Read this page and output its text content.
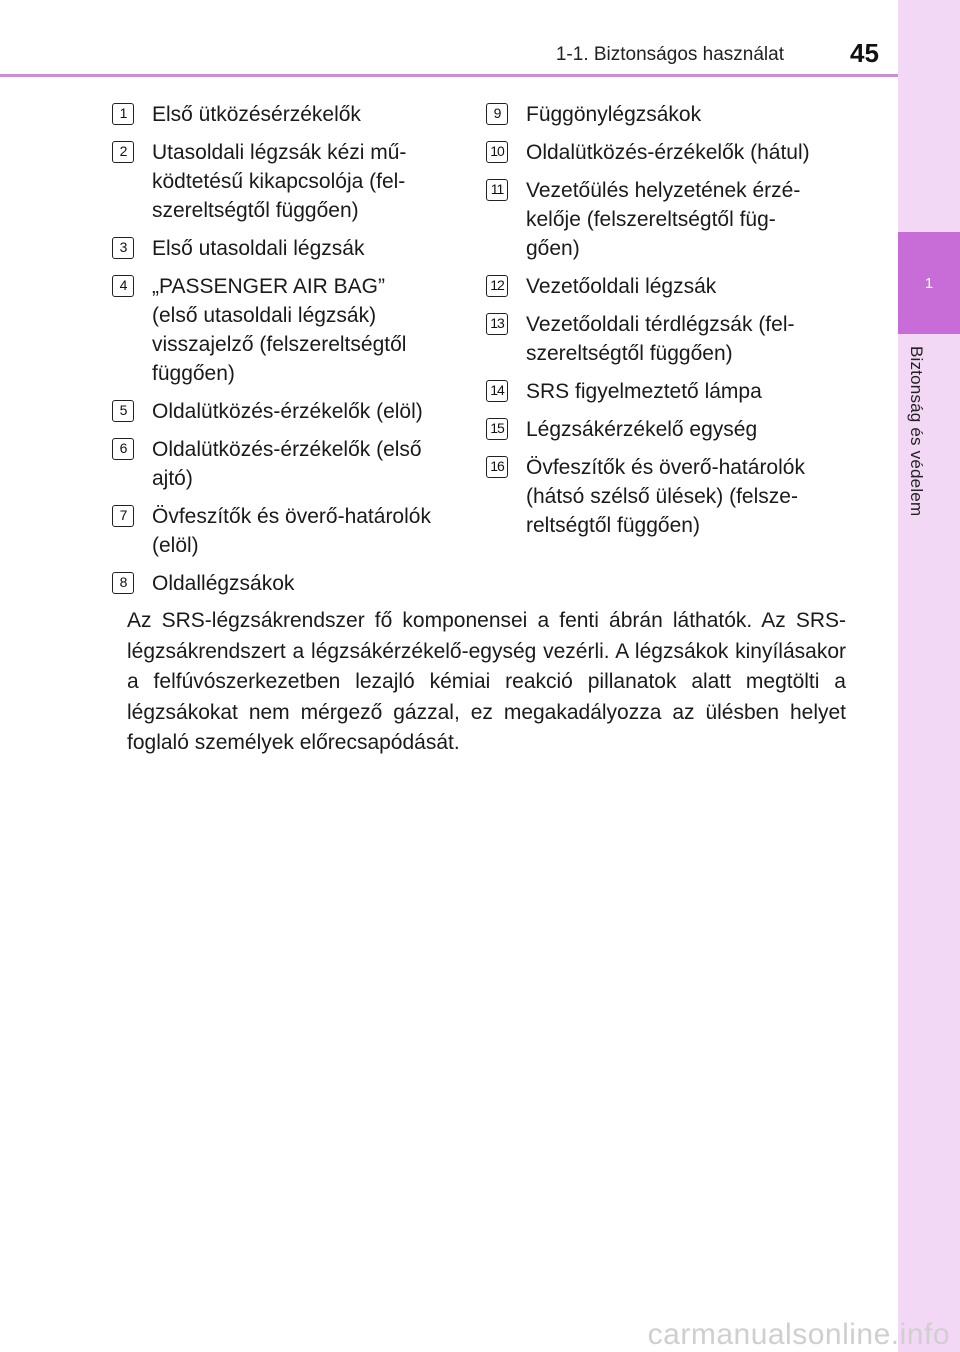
1-1. Biztonságos használat	45
1
Biztonság és védelem
1	Első ütközésérzékelők
2	Utasoldali légzsák kézi mű-
ködtetésű kikapcsolója (fel-
szereltségtől függően)
3	Első utasoldali légzsák
4	„PASSENGER AIR BAG”
(első utasoldali légzsák)
visszajelző (felszereltségtől
függően)
5	Oldalütközés-érzékelők (elöl)
6	Oldalütközés-érzékelők (első
ajtó)
7	Övfeszítők és överő-határolók
(elöl)
8	Oldallégzsákok
9	Függönylégzsákok
10 Oldalütközés-érzékelők (hátul)
11 Vezetőülés helyzetének érzé-
kelője (felszereltségtől füg-
gően)
12 Vezetőoldali légzsák
13 Vezetőoldali térdlégzsák (fel-
szereltségtől függően)
14 SRS figyelmeztető lámpa
15 Légzsákérzékelő egység
16 Övfeszítők és överő-határolók
(hátsó szélső ülések) (felsze-
reltségtől függően)
Az SRS-légzsákrendszer fő komponensei a fenti ábrán láthatók. Az SRS-légzsákrendszert a légzsákérzékelő-egység vezérli. A légzsákok kinyílásakor a felfúvószerkezetben lezajló kémiai reakció pillanatok alatt megtölti a légzsákokat nem mérgező gázzal, ez megakadályozza az ülésben helyet foglaló személyek előrecsapódását.
carmanualsonline.info
